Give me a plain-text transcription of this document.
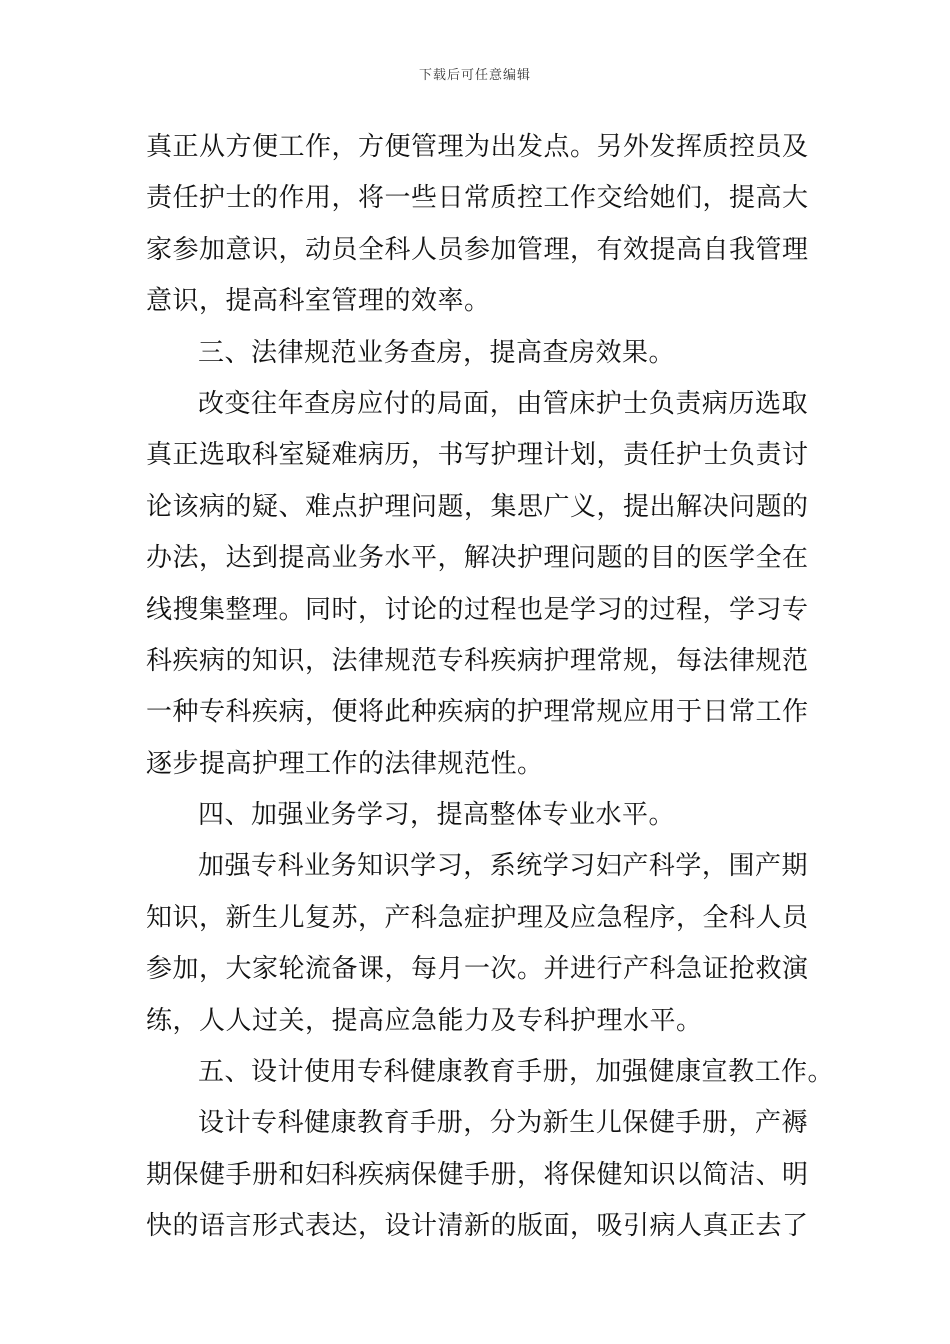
下载后可任意编辑
真正从方便工作，方便管理为出发点。另外发挥质控员及
责任护士的作用，将一些日常质控工作交给她们，提高大
家参加意识，动员全科人员参加管理，有效提高自我管理
意识，提高科室管理的效率。
三、法律规范业务查房，提高查房效果。
改变往年查房应付的局面，由管床护士负责病历选取
真正选取科室疑难病历，书写护理计划，责任护士负责讨
论该病的疑、难点护理问题，集思广义，提出解决问题的
办法，达到提高业务水平，解决护理问题的目的医学全在
线搜集整理。同时，讨论的过程也是学习的过程，学习专
科疾病的知识，法律规范专科疾病护理常规，每法律规范
一种专科疾病，便将此种疾病的护理常规应用于日常工作
逐步提高护理工作的法律规范性。
四、加强业务学习，提高整体专业水平。
加强专科业务知识学习，系统学习妇产科学，围产期
知识，新生儿复苏，产科急症护理及应急程序，全科人员
参加，大家轮流备课，每月一次。并进行产科急证抢救演
练，人人过关，提高应急能力及专科护理水平。
五、设计使用专科健康教育手册，加强健康宣教工作。
设计专科健康教育手册，分为新生儿保健手册，产褥
期保健手册和妇科疾病保健手册，将保健知识以简洁、明
快的语言形式表达，设计清新的版面，吸引病人真正去了
